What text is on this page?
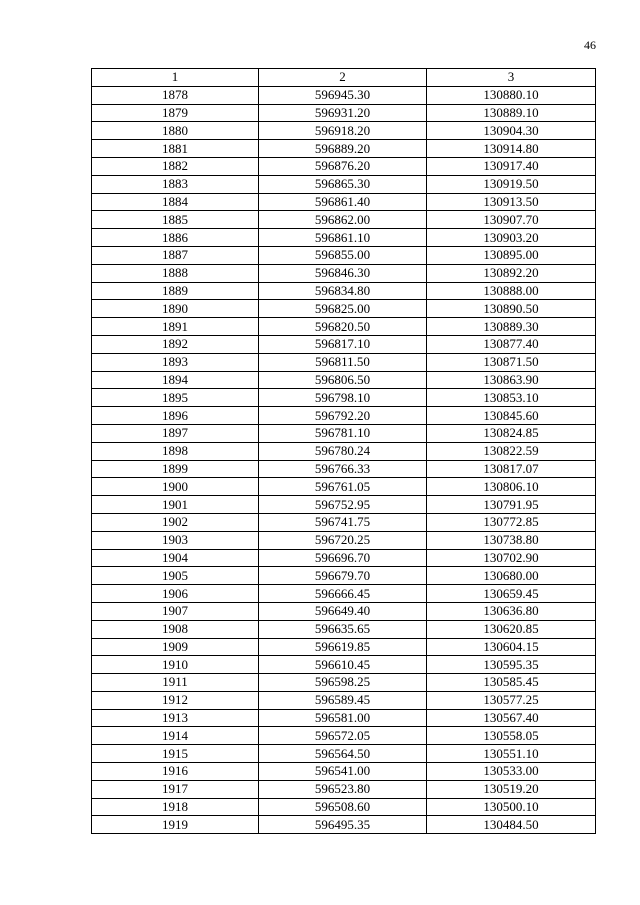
46
1	2	3
1878	596945.30	130880.10
1879	596931.20	130889.10
1880	596918.20	130904.30
1881	596889.20	130914.80
1882	596876.20	130917.40
1883	596865.30	130919.50
1884	596861.40	130913.50
1885	596862.00	130907.70
1886	596861.10	130903.20
1887	596855.00	130895.00
1888	596846.30	130892.20
1889	596834.80	130888.00
1890	596825.00	130890.50
1891	596820.50	130889.30
1892	596817.10	130877.40
1893	596811.50	130871.50
1894	596806.50	130863.90
1895	596798.10	130853.10
1896	596792.20	130845.60
1897	596781.10	130824.85
1898	596780.24	130822.59
1899	596766.33	130817.07
1900	596761.05	130806.10
1901	596752.95	130791.95
1902	596741.75	130772.85
1903	596720.25	130738.80
1904	596696.70	130702.90
1905	596679.70	130680.00
1906	596666.45	130659.45
1907	596649.40	130636.80
1908	596635.65	130620.85
1909	596619.85	130604.15
1910	596610.45	130595.35
1911	596598.25	130585.45
1912	596589.45	130577.25
1913	596581.00	130567.40
1914	596572.05	130558.05
1915	596564.50	130551.10
1916	596541.00	130533.00
1917	596523.80	130519.20
1918	596508.60	130500.10
1919	596495.35	130484.50
